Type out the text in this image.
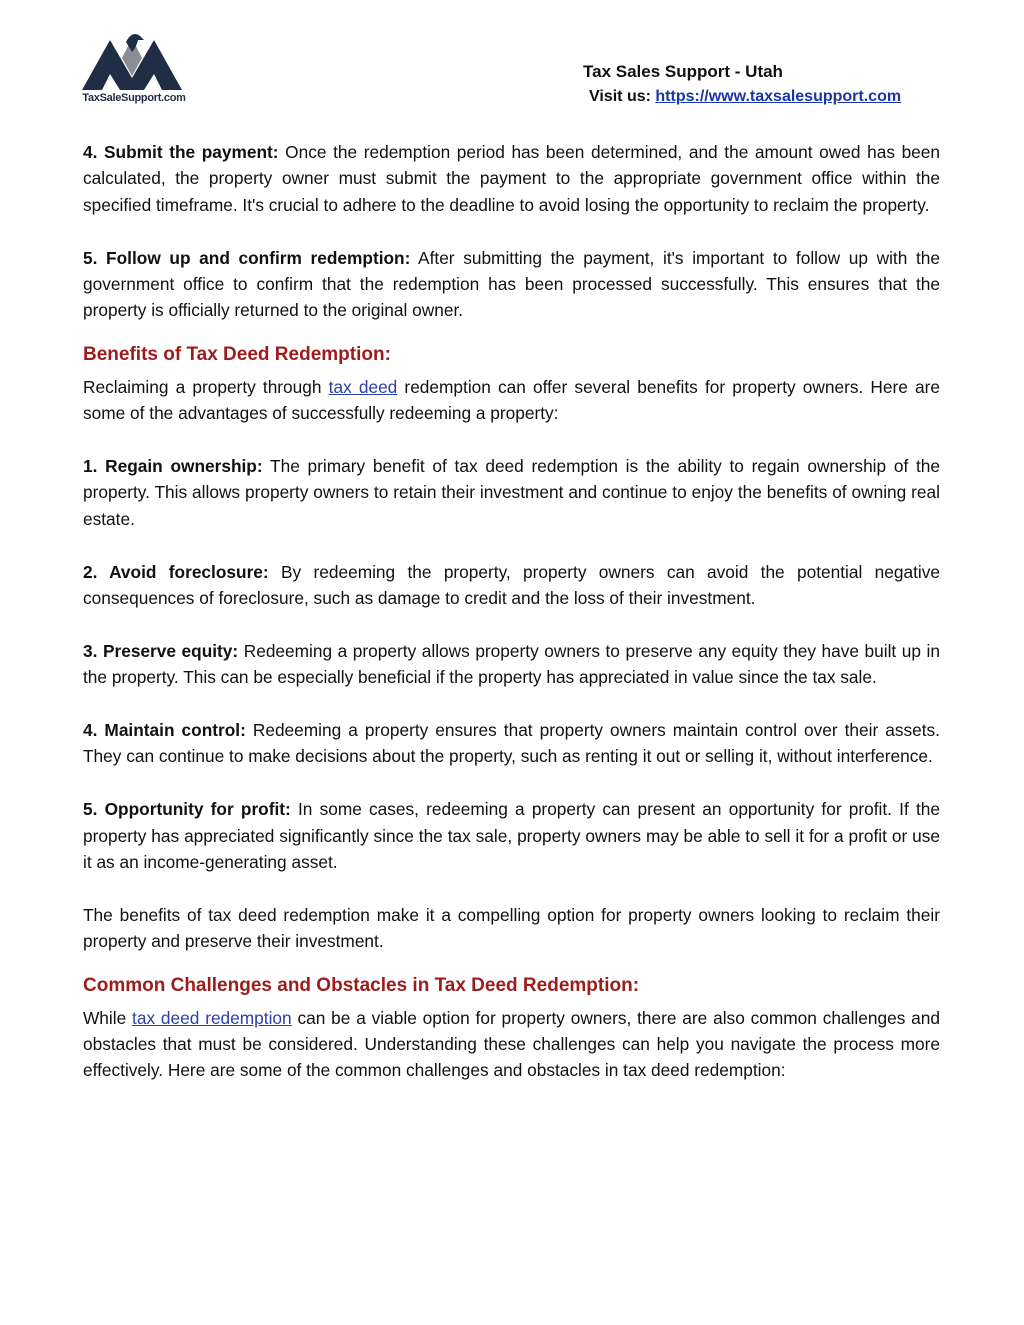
TaxSaleSupport.com
Tax Sales Support - Utah
Visit us: https://www.taxsalesupport.com

4. Submit the payment: Once the redemption period has been determined, and the amount owed has been calculated, the property owner must submit the payment to the appropriate government office within the specified timeframe. It's crucial to adhere to the deadline to avoid losing the opportunity to reclaim the property.

5. Follow up and confirm redemption: After submitting the payment, it's important to follow up with the government office to confirm that the redemption has been processed successfully. This ensures that the property is officially returned to the original owner.

Benefits of Tax Deed Redemption:

Reclaiming a property through tax deed redemption can offer several benefits for property owners. Here are some of the advantages of successfully redeeming a property:

1. Regain ownership: The primary benefit of tax deed redemption is the ability to regain ownership of the property. This allows property owners to retain their investment and continue to enjoy the benefits of owning real estate.

2. Avoid foreclosure: By redeeming the property, property owners can avoid the potential negative consequences of foreclosure, such as damage to credit and the loss of their investment.

3. Preserve equity: Redeeming a property allows property owners to preserve any equity they have built up in the property. This can be especially beneficial if the property has appreciated in value since the tax sale.

4. Maintain control: Redeeming a property ensures that property owners maintain control over their assets. They can continue to make decisions about the property, such as renting it out or selling it, without interference.

5. Opportunity for profit: In some cases, redeeming a property can present an opportunity for profit. If the property has appreciated significantly since the tax sale, property owners may be able to sell it for a profit or use it as an income-generating asset.

The benefits of tax deed redemption make it a compelling option for property owners looking to reclaim their property and preserve their investment.

Common Challenges and Obstacles in Tax Deed Redemption:

While tax deed redemption can be a viable option for property owners, there are also common challenges and obstacles that must be considered. Understanding these challenges can help you navigate the process more effectively. Here are some of the common challenges and obstacles in tax deed redemption:
